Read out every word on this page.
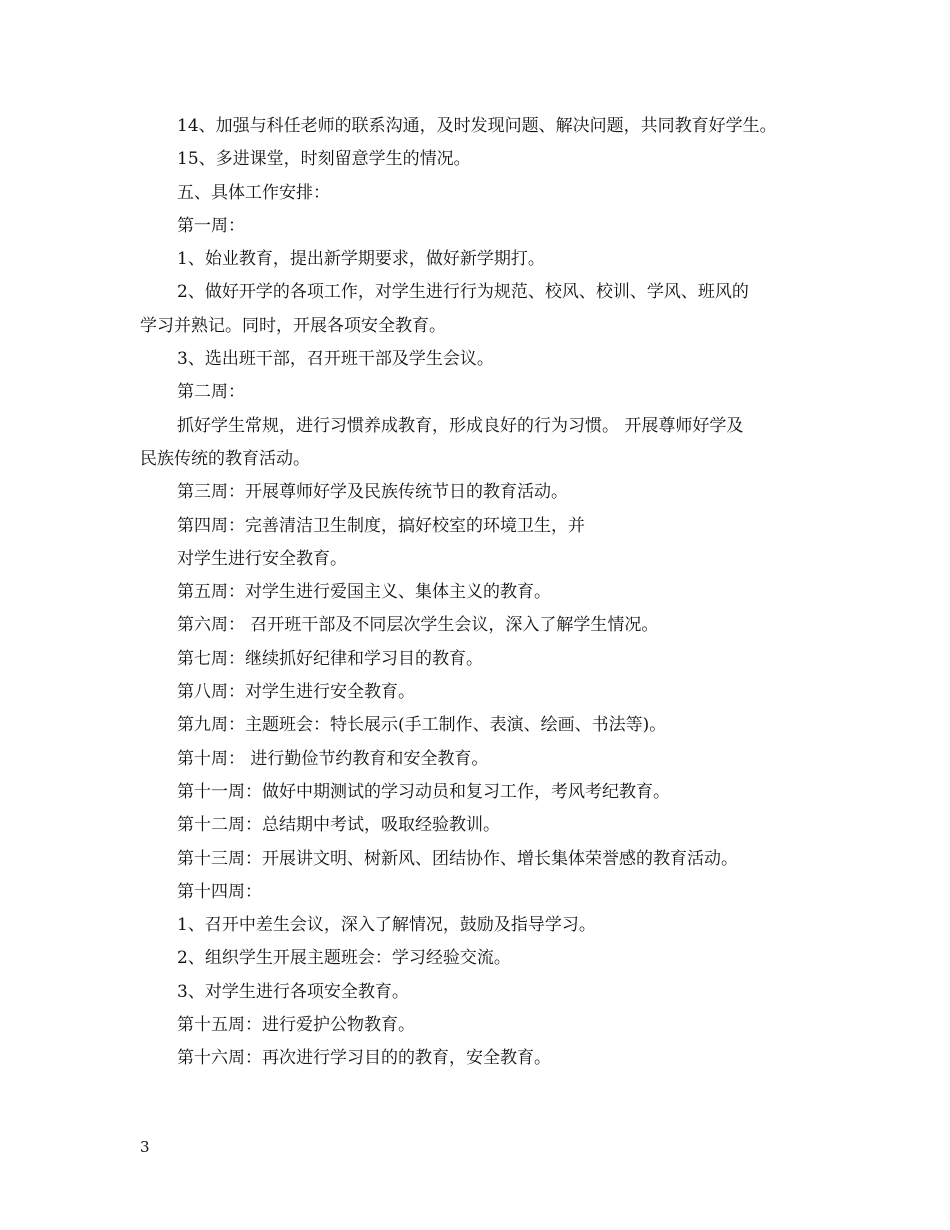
14、加强与科任老师的联系沟通，及时发现问题、解决问题，共同教育好学生。
15、多进课堂，时刻留意学生的情况。
五、具体工作安排：
第一周：
1、始业教育，提出新学期要求，做好新学期打。
2、做好开学的各项工作，对学生进行行为规范、校风、校训、学风、班风的
学习并熟记。同时，开展各项安全教育。
3、选出班干部，召开班干部及学生会议。
第二周：
抓好学生常规，进行习惯养成教育，形成良好的行为习惯。 开展尊师好学及
民族传统的教育活动。
第三周：开展尊师好学及民族传统节日的教育活动。
第四周：完善清洁卫生制度，搞好校室的环境卫生，并
对学生进行安全教育。
第五周：对学生进行爱国主义、集体主义的教育。
第六周： 召开班干部及不同层次学生会议，深入了解学生情况。
第七周：继续抓好纪律和学习目的教育。
第八周：对学生进行安全教育。
第九周：主题班会：特长展示(手工制作、表演、绘画、书法等)。
第十周： 进行勤俭节约教育和安全教育。
第十一周：做好中期测试的学习动员和复习工作，考风考纪教育。
第十二周：总结期中考试，吸取经验教训。
第十三周：开展讲文明、树新风、团结协作、增长集体荣誉感的教育活动。
第十四周：
1、召开中差生会议，深入了解情况，鼓励及指导学习。
2、组织学生开展主题班会：学习经验交流。
3、对学生进行各项安全教育。
第十五周：进行爱护公物教育。
第十六周：再次进行学习目的的教育，安全教育。
3
